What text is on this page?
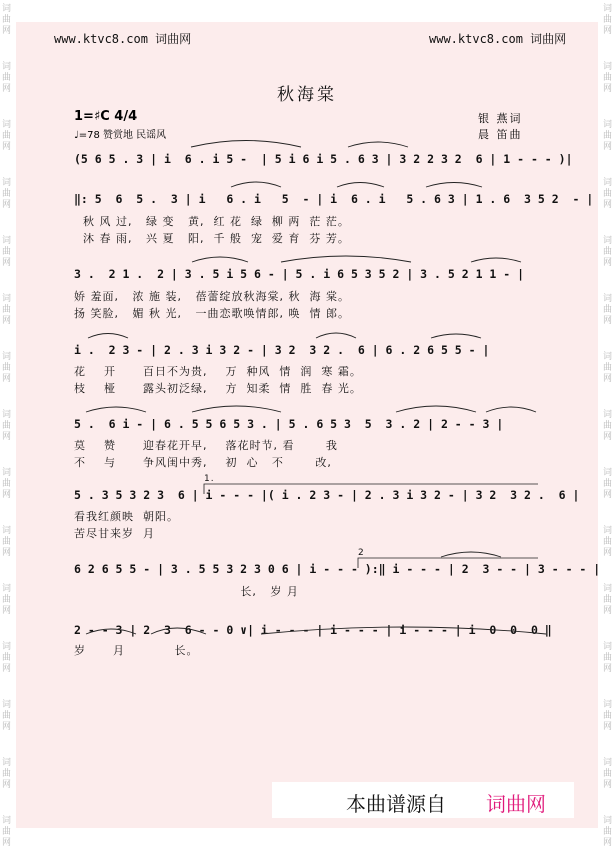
词曲网
词曲网
词曲网
词曲网
词曲网
词曲网
词曲网
词曲网
词曲网
词曲网
词曲网
词曲网
词曲网
词曲网
词曲网
词曲网
词曲网
词曲网
词曲网
词曲网
词曲网
词曲网
词曲网
词曲网
词曲网
词曲网
词曲网
词曲网
词曲网
词曲网
www.ktvc8.com 词曲网	www.ktvc8.com 词曲网
秋海棠
1=♯C 4/4
♩=78 赞赏地 民谣风
银 燕词
晨 笛曲
(5 6 5 . 3 | i  6 . i 5 -  | 5 i 6 i 5 . 6 3 | 3 2 2 3 2  6 | 1 - - - )|
‖: 5  6  5 .  3 | i   6 . i   5  - | i  6 . i   5 . 6 3 | 1 . 6  3 5 2  - |
秋 风 过,   绿 变   黄,  红 花  绿  柳 两  茫 茫。
沐 春 雨,   兴 夏   阳,  千 般  宠  爱 育  芬 芳。
3 .  2 1 .  2 | 3 . 5 i 5 6 - | 5 . i 6 5 3 5 2 | 3 . 5 2 1 1 - |
娇 羞面,   浓 施 装,   蓓蕾绽放秋海棠, 秋  海 棠。
扬 笑脸,   媚 秋 光,   一曲恋歌唤情郎, 唤  情 郎。
i .  2 3 - | 2 . 3 i 3 2 - | 3 2  3 2 .  6 | 6 . 2 6 5 5 - |
花    开      百日不为贵,    万  种风  情  润  寒 霜。
枝    桠      露头初泛绿,    方  知柔  情  胜  春 光。
5 .  6 i - | 6 . 5 5 6 5 3 . | 5 . 6 5 3  5  3 . 2 | 2 - - 3 |
莫    赞      迎春花开早,    落花时节, 看       我
不    与      争风闺中秀,    初  心   不       改,
1.
5 . 3 5 3 2 3  6 | i - - - |( i . 2 3 - | 2 . 3 i 3 2 - | 3 2  3 2 .  6 |
看我红颜映  朝阳。
苦尽甘来岁  月
2
6 2 6 5 5 - | 3 . 5 5 3 2 3 0 6 | i - - - ):‖ i - - - | 2  3 - - | 3 - - - |
长,   岁 月
2 - - 3 | 2  3  6 - - 0 ∨| i - - - | i - - - | i - - - | i  0  0  0 ‖
岁      月           长。
本曲谱源自 词曲网
